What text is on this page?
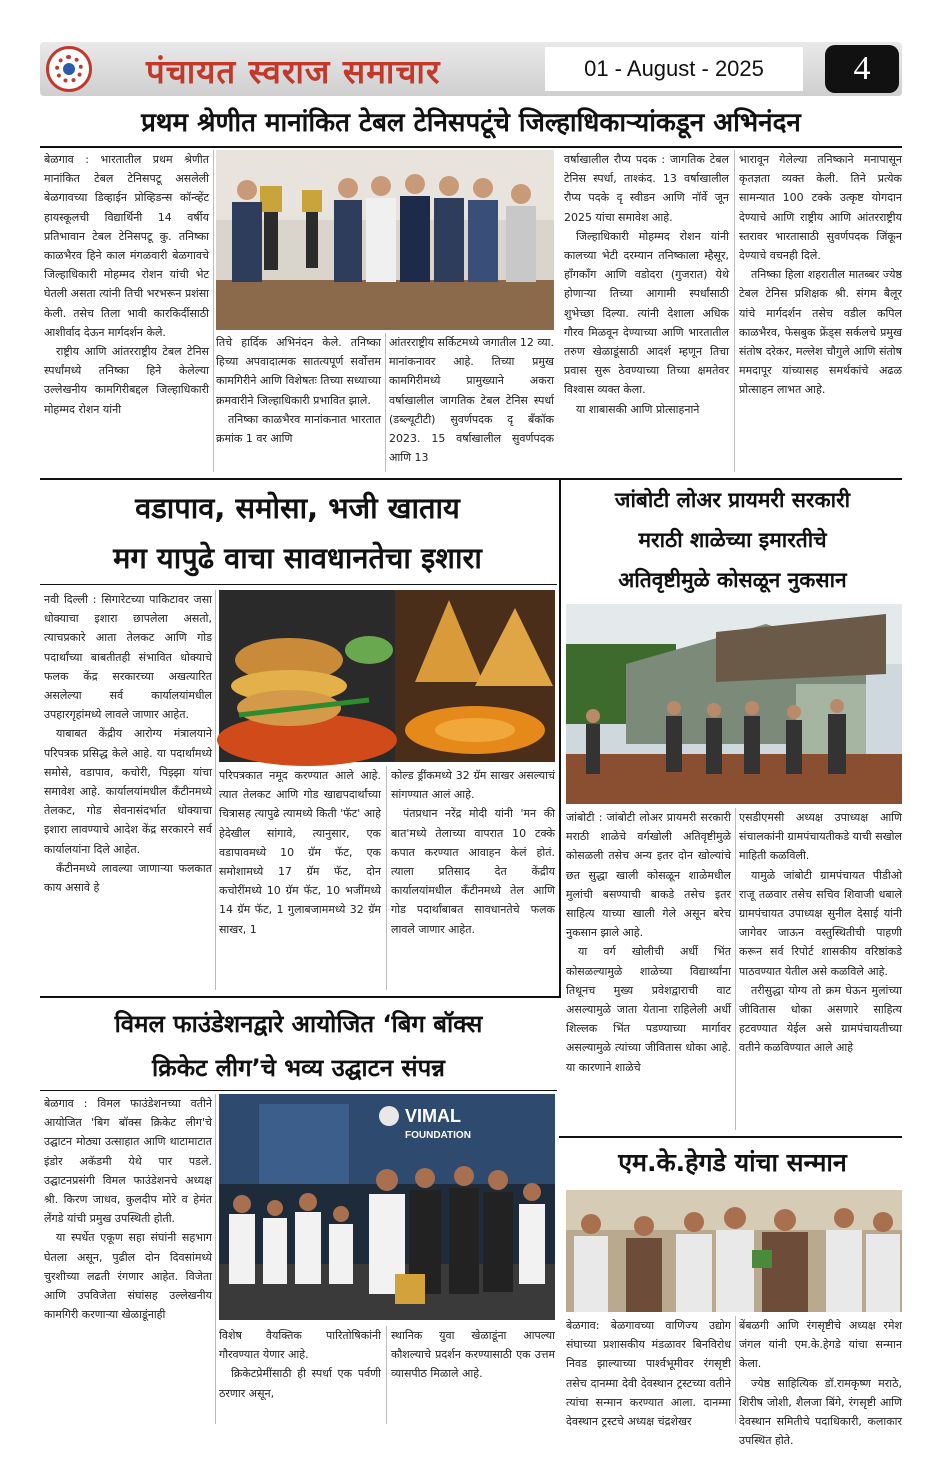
पंचायत स्वराज समाचार	01 - August - 2025	4
प्रथम श्रेणीत मानांकित टेबल टेनिसपटूंचे जिल्हाधिकाऱ्यांकडून अभिनंदन

बेळगाव : भारतातील प्रथम श्रेणीत मानांकित टेबल टेनिसपटू असलेली बेळगावच्या डिव्हाईन प्रोव्हिडन्स कॉन्व्हेंट हायस्कूलची विद्यार्थिनी 14 वर्षीय प्रतिभावान टेबल टेनिसपटू कु. तनिष्का काळभैरव हिने काल मंगळवारी बेळगावचे जिल्हाधिकारी मोहम्मद रोशन यांची भेट घेतली असता त्यांनी तिची भरभरून प्रशंसा केली. तसेच तिला भावी कारकिर्दीसाठी आशीर्वाद देऊन मार्गदर्शन केले.

राष्ट्रीय आणि आंतरराष्ट्रीय टेबल टेनिस स्पर्धांमध्ये तनिष्का हिने केलेल्या उल्लेखनीय कामगिरीबद्दल जिल्हाधिकारी मोहम्मद रोशन यांनी

तिचे हार्दिक अभिनंदन केले. तनिष्का हिच्या अपवादात्मक सातत्यपूर्ण सर्वोत्तम कामगिरीने आणि विशेषतः तिच्या सध्याच्या क्रमवारीने जिल्हाधिकारी प्रभावित झाले.

तनिष्का काळभैरव मानांकनात भारतात क्रमांक 1 वर आणि

आंतरराष्ट्रीय सर्किटमध्ये जगातील 12 व्या. मानांकनावर आहे. तिच्या प्रमुख कामगिरीमध्ये प्रामुख्याने अकरा वर्षाखालील जागतिक टेबल टेनिस स्पर्धा (डब्ल्यूटीटी) सुवर्णपदक दृ बँकॉक 2023. 15 वर्षाखालील सुवर्णपदक आणि 13

वर्षाखालील रौप्य पदक : जागतिक टेबल टेनिस स्पर्धा, ताश्कंद. 13 वर्षाखालील रौप्य पदके दृ स्वीडन आणि नॉर्वे जून 2025 यांचा समावेश आहे.

जिल्हाधिकारी मोहम्मद रोशन यांनी कालच्या भेटी दरम्यान तनिष्काला म्हैसूर, हाँगकाँग आणि वडोदरा (गुजरात) येथे होणाऱ्या तिच्या आगामी स्पर्धांसाठी शुभेच्छा दिल्या. त्यांनी देशाला अधिक गौरव मिळवून देण्याच्या आणि भारतातील तरुण खेळाडूंसाठी आदर्श म्हणून तिचा प्रवास सुरू ठेवण्याच्या तिच्या क्षमतेवर विश्वास व्यक्त केला.

या शाबासकी आणि प्रोत्साहनाने

भारावून गेलेल्या तनिष्काने मनापासून कृतज्ञता व्यक्त केली. तिने प्रत्येक सामन्यात 100 टक्के उत्कृष्ट योगदान देण्याचे आणि राष्ट्रीय आणि आंतरराष्ट्रीय स्तरावर भारतासाठी सुवर्णपदक जिंकून देण्याचे वचनही दिले.

तनिष्का हिला शहरातील मातब्बर ज्येष्ठ टेबल टेनिस प्रशिक्षक श्री. संगम बैलूर यांचे मार्गदर्शन तसेच वडील कपिल काळभैरव, फेसबुक फ्रेंड्स सर्कलचे प्रमुख संतोष दरेकर, मल्लेश चौगुले आणि संतोष ममदापूर यांच्यासह समर्थकांचे अढळ प्रोत्साहन लाभत आहे.

वडापाव, समोसा, भजी खाताय
मग यापुढे वाचा सावधानतेचा इशारा

नवी दिल्ली : सिगारेटच्या पाकिटावर जसा धोक्याचा इशारा छापलेला असतो, त्याचप्रकारे आता तेलकट आणि गोड पदार्थांच्या बाबतीतही संभावित धोक्याचे फलक केंद्र सरकारच्या अखत्यारित असलेल्या सर्व कार्यालयांमधील उपहारगृहांमध्ये लावले जाणार आहेत.

याबाबत केंद्रीय आरोग्य मंत्रालयाने परिपत्रक प्रसिद्ध केले आहे. या पदार्थांमध्ये समोसे, वडापाव, कचोरी, पिझ्झा यांचा समावेश आहे. कार्यालयांमधील कँटीनमध्ये तेलकट, गोड सेवनासंदर्भात धोक्याचा इशारा लावण्याचे आदेश केंद्र सरकारने सर्व कार्यालयांना दिले आहेत.

कँटीनमध्ये लावल्या जाणाऱ्या फलकात काय असावे हे

परिपत्रकात नमूद करण्यात आले आहे. त्यात तेलकट आणि गोड खाद्यपदार्थांच्या चित्रासह त्यापुढे त्यामध्ये किती 'फॅट' आहे हेदेखील सांगावे, त्यानुसार, एक वडापावमध्ये 10 ग्रॅम फॅट, एक समोशामध्ये 17 ग्रॅम फॅट, दोन कचोरींमध्ये 10 ग्रॅम फॅट, 10 भजींमध्ये 14 ग्रॅम फॅट, 1 गुलाबजाममध्ये 32 ग्रॅम साखर, 1

कोल्ड ड्रींकमध्ये 32 ग्रॅम साखर असल्याचं सांगण्यात आलं आहे.

पंतप्रधान नरेंद्र मोदी यांनी 'मन की बात'मध्ये तेलाच्या वापरात 10 टक्के कपात करण्यात आवाहन केलं होतं. त्याला प्रतिसाद देत केंद्रीय कार्यालयांमधील कँटीनमध्ये तेल आणि गोड पदार्थांबाबत सावधानतेचे फलक लावले जाणार आहेत.

जांबोटी लोअर प्रायमरी सरकारी
मराठी शाळेच्या इमारतीचे
अतिवृष्टीमुळे कोसळून नुकसान

जांबोटी : जांबोटी लोअर प्रायमरी सरकारी मराठी शाळेचे वर्गखोली अतिवृष्टीमुळे कोसळली तसेच अन्य इतर दोन खोल्यांचे छत सुद्धा खाली कोसळून शाळेमधील मुलांची बसण्याची बाकडे तसेच इतर साहित्य याच्या खाली गेले असून बरेच नुकसान झाले आहे.

या वर्ग खोलीची अर्धी भिंत कोसळल्यामुळे शाळेच्या विद्यार्थ्यांना तिथूनच मुख्य प्रवेशद्वाराची वाट असल्यामुळे जाता येताना राहिलेली अर्धी शिल्लक भिंत पडण्याच्या मार्गावर असल्यामुळे त्यांच्या जीवितास धोका आहे. या कारणाने शाळेचे

एसडीएमसी अध्यक्ष उपाध्यक्ष आणि संचालकांनी ग्रामपंचायतीकडे याची सखोल माहिती कळविली.

यामुळे जांबोटी ग्रामपंचायत पीडीओ राजू तळवार तसेच सचिव शिवाजी धबाले ग्रामपंचायत उपाध्यक्ष सुनील देसाई यांनी जागेवर जाऊन वस्तुस्थितीची पाहणी करून सर्व रिपोर्ट शासकीय वरिष्ठांकडे पाठवण्यात येतील असे कळविले आहे.

तरीसुद्धा योग्य तो क्रम घेऊन मुलांच्या जीवितास धोका असणारे साहित्य हटवण्यात येईल असे ग्रामपंचायतीच्या वतीने कळविण्यात आले आहे

विमल फाउंडेशनद्वारे आयोजित ‘बिग बॉक्स
क्रिकेट लीग’चे भव्य उद्घाटन संपन्न

बेळगाव : विमल फाउंडेशनच्या वतीने आयोजित 'बिग बॉक्स क्रिकेट लीग'चे उद्घाटन मोठ्या उत्साहात आणि थाटामाटात इंडोर अकॅडमी येथे पार पडले. उद्घाटनप्रसंगी विमल फाउंडेशनचे अध्यक्ष श्री. किरण जाधव, कुलदीप मोरे व हेमंत लेंगडे यांची प्रमुख उपस्थिती होती.

या स्पर्धेत एकूण सहा संघांनी सहभाग घेतला असून, पुढील दोन दिवसांमध्ये चुरशीच्या लढती रंगणार आहेत. विजेता आणि उपविजेता संघांसह उल्लेखनीय कामगिरी करणाऱ्या खेळाडूंनाही

VIMAL
FOUNDATION

विशेष वैयक्तिक पारितोषिकांनी गौरवण्यात येणार आहे.

क्रिकेटप्रेमींसाठी ही स्पर्धा एक पर्वणी ठरणार असून,

स्थानिक युवा खेळाडूंना आपल्या कौशल्याचे प्रदर्शन करण्यासाठी एक उत्तम व्यासपीठ मिळाले आहे.

एम.के.हेगडे यांचा सन्मान

बेळगाव: बेळगावच्या वाणिज्य उद्योग संघाच्या प्रशासकीय मंडळावर बिनविरोध निवड झाल्याच्या पार्श्वभूमीवर रंगसृष्टी तसेच दानम्मा देवी देवस्थान ट्रस्टच्या वतीने त्यांचा सन्मान करण्यात आला. दानम्मा देवस्थान ट्रस्टचे अध्यक्ष चंद्रशेखर

बेंबळगी आणि रंगसृष्टीचे अध्यक्ष रमेश जंगल यांनी एम.के.हेगडे यांचा सन्मान केला.

ज्येष्ठ साहित्यिक डॉ.रामकृष्ण मराठे, शिरीष जोशी, शैलजा बिंगे, रंगसृष्टी आणि देवस्थान समितीचे पदाधिकारी, कलाकार उपस्थित होते.
